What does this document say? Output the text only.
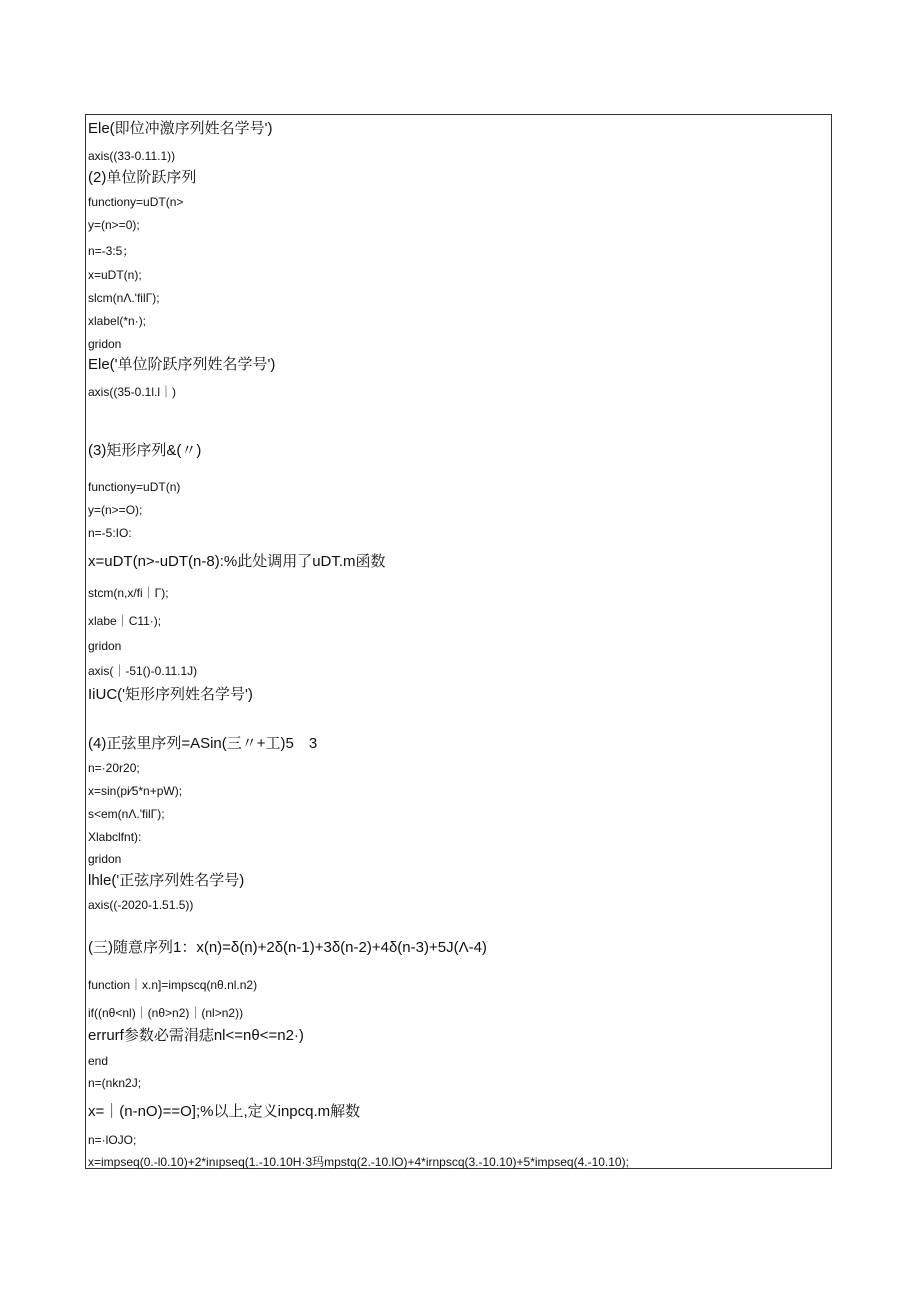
Ele(即位冲激序列姓名学号')
axis((33-0.11.1))
(2)单位阶跃序列
functiony=uDT(n>
y=(n>=0);
n=-3:5；
x=uDT(n);
slcm(nΛ.'filΓ);
xlabel(*n·);
gridon
Ele('单位阶跃序列姓名学号')
axis((35-0.1l.l｜)
(3)矩形序列&(〃)
functiony=uDT(n)
y=(n>=O);
n=-5:IO:
x=uDT(n>-uDT(n-8):%此处调用了uDT.m函数
stcm(n,x/fi｜Γ);
xlabe｜C11·);
gridon
axis(｜-51()-0.11.1J)
IiUC('矩形序列姓名学号')
(4)正弦里序列=ASin(三〃+工)5　3
n=·20r20;
x=sin(pi∕5*n+pW);
s<em(nΛ.'filΓ);
Xlabclfnt):
gridon
lhle('正弦序列姓名学号)
axis((-2020-1.51.5))
(三)随意序列1：x(n)=δ(n)+2δ(n-1)+3δ(n-2)+4δ(n-3)+5J(Λ-4)
function｜x.n]=impscq(nθ.nl.n2)
if((nθ<nl)｜(nθ>n2)｜(nl>n2))
errurf参数必需涓痣nl<=nθ<=n2·)
end
n=(nkn2J;
x=｜(n-nO)==O];%以上,定义inpcq.m解数
n=·lOJO;
x=impseq(0.-l0.10)+2*inıpseq(1.-10.10H·3玛mpstq(2.-10.lO)+4*irnpscq(3.-10.10)+5*impseq(4.-10.10);
